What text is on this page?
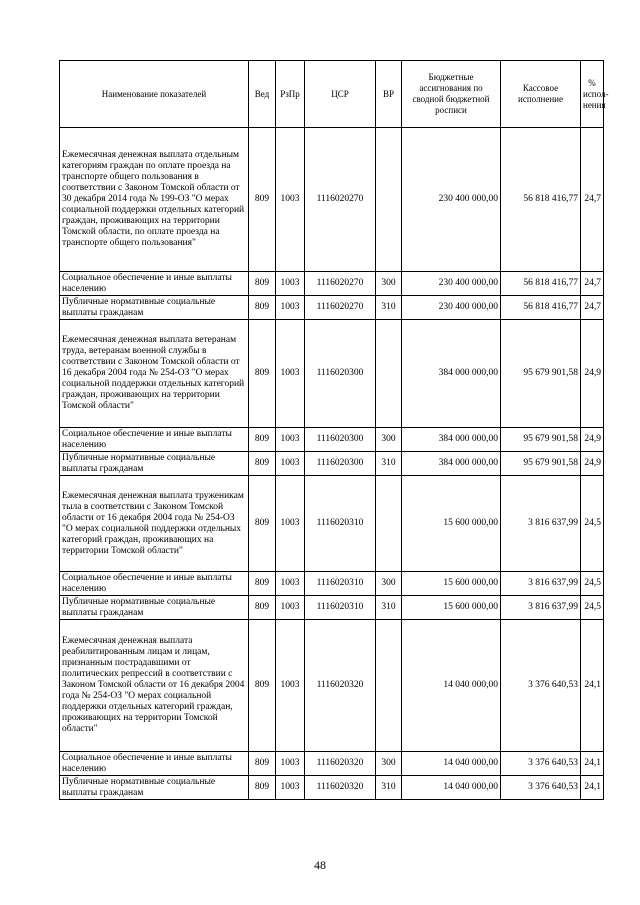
Наименование показателей	Вед	РзПр	ЦСР	ВР	Бюджетные ассигнования по сводной бюджетной росписи	Кассовое исполнение	% испол-нения
Ежемесячная денежная выплата отдельным категориям граждан по оплате проезда на транспорте общего пользования в соответствии с Законом Томской области от 30 декабря 2014 года № 199-ОЗ "О мерах социальной поддержки отдельных категорий граждан, проживающих на территории Томской области, по оплате проезда на транспорте общего пользования"	809	1003	1116020270		230 400 000,00	56 818 416,77	24,7
Социальное обеспечение и иные выплаты населению	809	1003	1116020270	300	230 400 000,00	56 818 416,77	24,7
Публичные нормативные социальные выплаты гражданам	809	1003	1116020270	310	230 400 000,00	56 818 416,77	24,7
Ежемесячная денежная выплата ветеранам труда, ветеранам военной службы в соответствии с Законом Томской области от 16 декабря 2004 года № 254-ОЗ "О мерах социальной поддержки отдельных категорий граждан, проживающих на территории Томской области"	809	1003	1116020300		384 000 000,00	95 679 901,58	24,9
Социальное обеспечение и иные выплаты населению	809	1003	1116020300	300	384 000 000,00	95 679 901,58	24,9
Публичные нормативные социальные выплаты гражданам	809	1003	1116020300	310	384 000 000,00	95 679 901,58	24,9
Ежемесячная денежная выплата труженикам тыла в соответствии с Законом Томской области от 16 декабря 2004 года № 254-ОЗ "О мерах социальной поддержки отдельных категорий граждан, проживающих на территории Томской области"	809	1003	1116020310		15 600 000,00	3 816 637,99	24,5
Социальное обеспечение и иные выплаты населению	809	1003	1116020310	300	15 600 000,00	3 816 637,99	24,5
Публичные нормативные социальные выплаты гражданам	809	1003	1116020310	310	15 600 000,00	3 816 637,99	24,5
Ежемесячная денежная выплата реабилитированным лицам и лицам, признанным пострадавшими от политических репрессий в соответствии с Законом Томской области от 16 декабря 2004 года № 254-ОЗ "О мерах социальной поддержки отдельных категорий граждан, проживающих на территории Томской области"	809	1003	1116020320		14 040 000,00	3 376 640,53	24,1
Социальное обеспечение и иные выплаты населению	809	1003	1116020320	300	14 040 000,00	3 376 640,53	24,1
Публичные нормативные социальные выплаты гражданам	809	1003	1116020320	310	14 040 000,00	3 376 640,53	24,1
48
